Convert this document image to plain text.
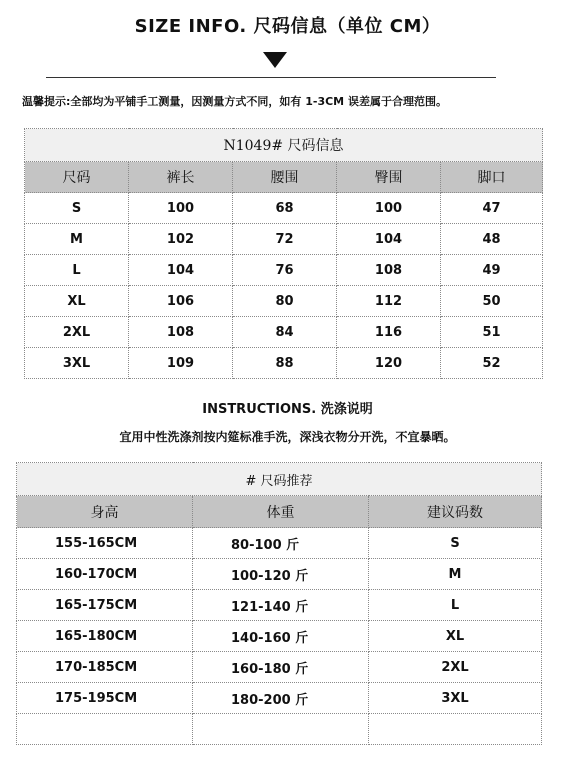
SIZE INFO. 尺码信息（单位 CM）
温馨提示:全部均为平铺手工测量，因测量方式不同，如有 1-3CM 误差属于合理范围。
N1049# 尺码信息				
尺码	裤长	腰围	臀围	脚口
S	100	68	100	47
M	102	72	104	48
L	104	76	108	49
XL	106	80	112	50
2XL	108	84	116	51
3XL	109	88	120	52
INSTRUCTIONS. 洗涤说明
宜用中性洗涤剂按内筵标准手洗，深浅衣物分开洗，不宜暴晒。
# 尺码推荐		
身高	体重	建议码数
155-165CM	80-100 斤	S
160-170CM	100-120 斤	M
165-175CM	121-140 斤	L
165-180CM	140-160 斤	XL
170-185CM	160-180 斤	2XL
175-195CM	180-200 斤	3XL
